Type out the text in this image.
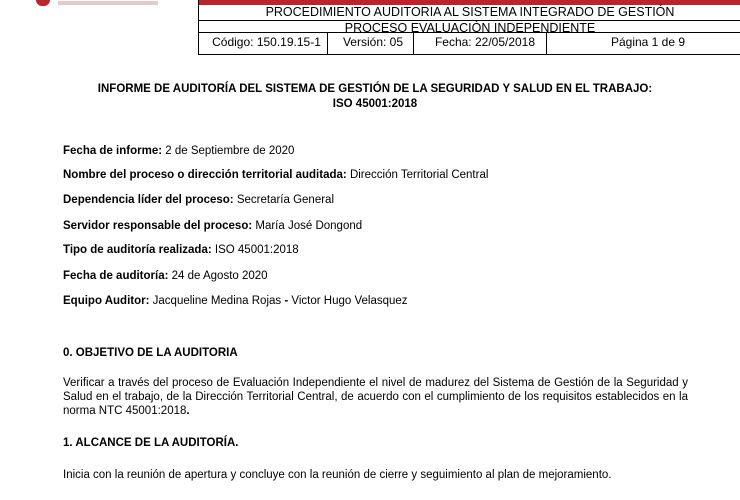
PROCEDIMIENTO AUDITORIA AL SISTEMA INTEGRADO DE GESTIÓN
PROCESO EVALUACIÒN INDEPENDIENTE
Código: 150.19.15-1	Versión: 05	Fecha: 22/05/2018	Página 1 de 9
INFORME DE AUDITORÍA DEL SISTEMA DE GESTIÓN DE LA SEGURIDAD Y SALUD EN EL TRABAJO:
ISO 45001:2018
Fecha de informe: 2 de Septiembre de 2020
Nombre del proceso o dirección territorial auditada: Dirección Territorial Central
Dependencia líder del proceso: Secretaría General
Servidor responsable del proceso: María José Dongond
Tipo de auditoría realizada: ISO 45001:2018
Fecha de auditoría: 24 de Agosto 2020
Equipo Auditor: Jacqueline Medina Rojas - Victor Hugo Velasquez
0. OBJETIVO DE LA AUDITORIA
Verificar a través del proceso de Evaluación Independiente el nivel de madurez del Sistema de Gestión de la Seguridad y Salud en el trabajo, de la Dirección Territorial Central, de acuerdo con el cumplimiento de los requisitos establecidos en la norma NTC 45001:2018.
1. ALCANCE DE LA AUDITORÍA.
Inicia con la reunión de apertura y concluye con la reunión de cierre y seguimiento al plan de mejoramiento.
